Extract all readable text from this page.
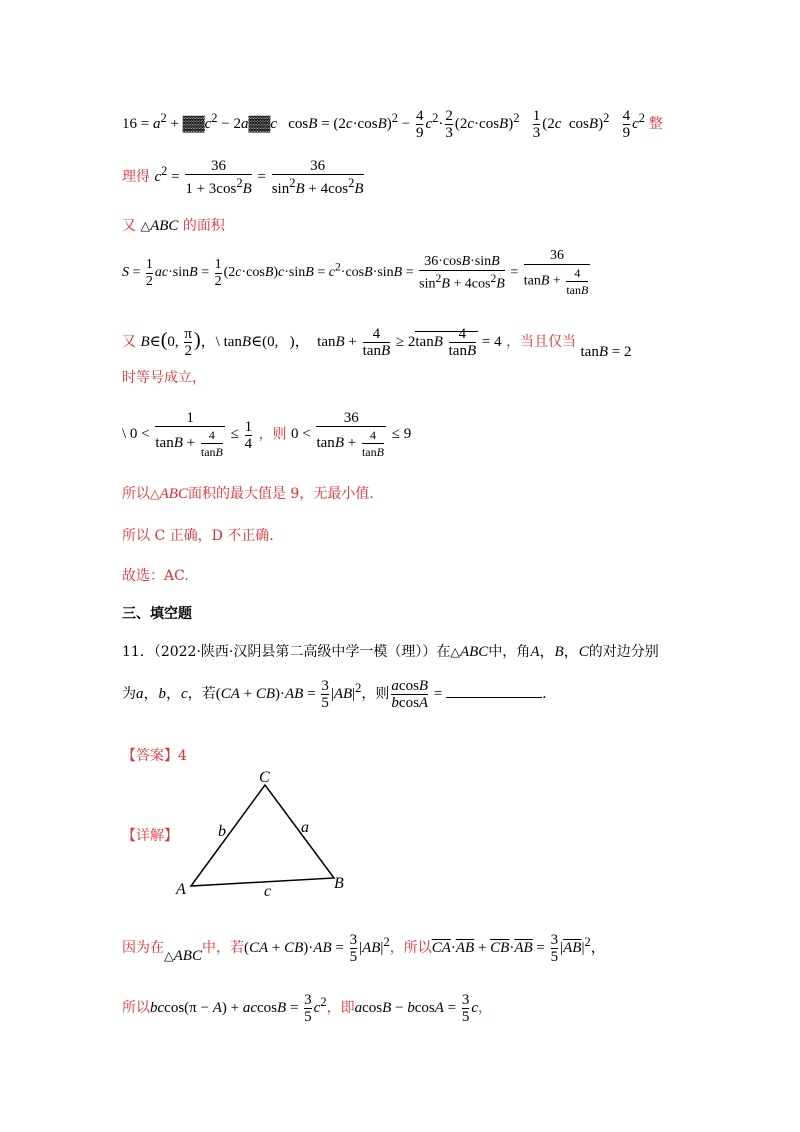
$16 = a^2$ + $▓▓c^2$ − 2a▓▓c   $\cos B = (2c\cdot\cos B)^2 - \frac{4}{9} c^2\cdot \frac{2}{3} (2c\cdot\cos B)^2 \frac{1}{3} (2c$  $\cos B)^2 \frac{4}{9} c^2$ 整
理得 $c^2 = \frac{36}{1 + 3\cos^2B} = \frac{36}{\sin^2B + 4\cos^2B}$
又 △ABC 的面积
$S = \frac{1}{2} ac\cdot\sin B = \frac{1}{2} (2c\cdot\cos B)c\cdot\sin B = c^2\cdot\cos B\cdot\sin B = \frac{36\cdot\cos B\cdot\sin B}{\sin^2B + 4\cos^2B} = \frac{36}{\tan B + \frac{4}{\tan B}}$
又 B∈(0, $\frac{\pi}{2}$ )，\ tanB∈(0,   )，  $\tan B + \frac{4}{\tan B} \ge 2\tan B \frac{4}{\tan B} = 4$ ，当且仅当 tanB = 2
时等号成立，
\ $0 < \frac{1}{\tan B + \frac{4}{\tan B}} \le \frac{1}{4}$ ，则 $0 < \frac{36}{\tan B + \frac{4}{\tan B}} \le 9$
所以△ABC面积的最大值是 9，无最小值.
所以 C 正确，D 不正确.
故选：AC.
三、填空题
11．（2022·陕西·汉阴县第二高级中学一模（理））在△ABC中，角A，B，C的对边分别
为a，b，c，若$(CA + CB)\cdot AB = \frac{3}{5} |AB|^2$，则 $\frac{acosB}{bcosA}$ =	.
【答案】4
【详解】
C
A	B
b	a
c
因为在△ABC中，若$(CA + CB)\cdot AB = \frac{3}{5} |AB|^2$，所以$\overline{CA}\cdot\overline{AB} + \overline{CB}\cdot\overline{AB} = \frac{3}{5} |\overline{AB}|^2$，
所以$bccos(\pi - A) + accosB = \frac{3}{5} c^2$，即$acosB - bcosA = \frac{3}{5}$ c，
